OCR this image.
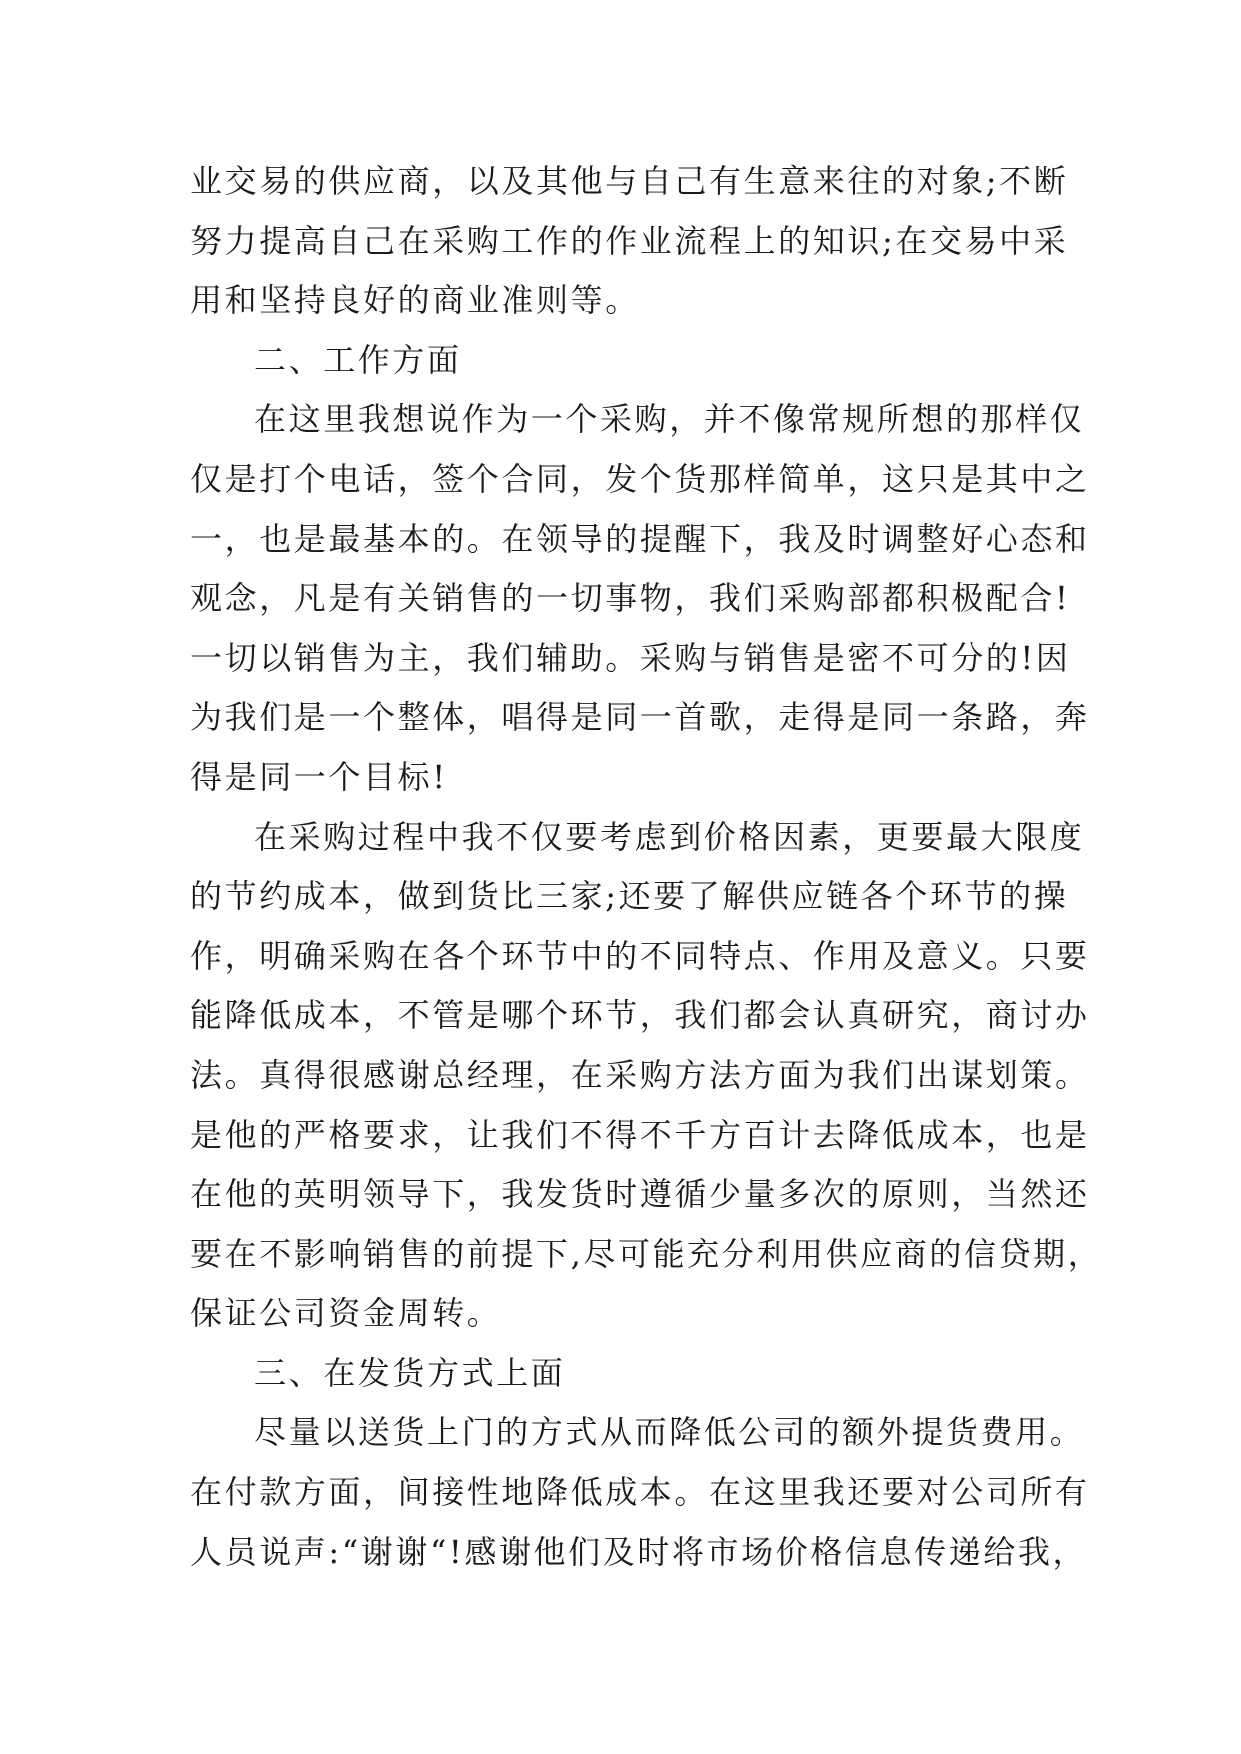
业交易的供应商，以及其他与自己有生意来往的对象;不断
努力提高自己在采购工作的作业流程上的知识;在交易中采
用和坚持良好的商业准则等。
二、工作方面
在这里我想说作为一个采购，并不像常规所想的那样仅
仅是打个电话，签个合同，发个货那样简单，这只是其中之
一，也是最基本的。在领导的提醒下，我及时调整好心态和
观念，凡是有关销售的一切事物，我们采购部都积极配合!
一切以销售为主，我们辅助。采购与销售是密不可分的!因
为我们是一个整体，唱得是同一首歌，走得是同一条路，奔
得是同一个目标!
在采购过程中我不仅要考虑到价格因素，更要最大限度
的节约成本，做到货比三家;还要了解供应链各个环节的操
作，明确采购在各个环节中的不同特点、作用及意义。只要
能降低成本，不管是哪个环节，我们都会认真研究，商讨办
法。真得很感谢总经理，在采购方法方面为我们出谋划策。
是他的严格要求，让我们不得不千方百计去降低成本，也是
在他的英明领导下，我发货时遵循少量多次的原则，当然还
要在不影响销售的前提下,尽可能充分利用供应商的信贷期，
保证公司资金周转。
三、在发货方式上面
尽量以送货上门的方式从而降低公司的额外提货费用。
在付款方面，间接性地降低成本。在这里我还要对公司所有
人员说声:“谢谢“!感谢他们及时将市场价格信息传递给我，
